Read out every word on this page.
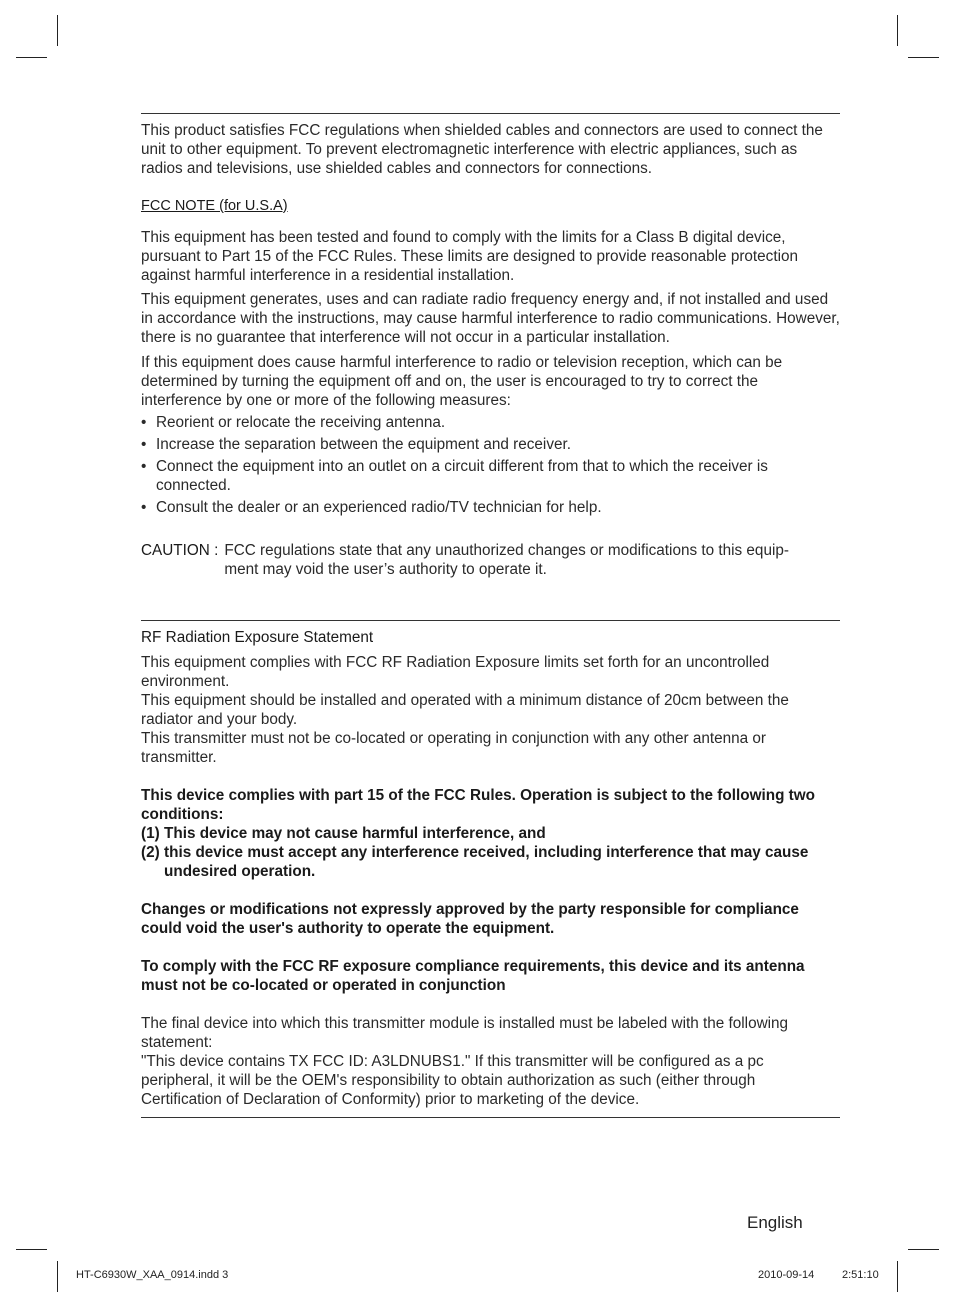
This product satisfies FCC regulations when shielded cables and connectors are used to connect the unit to other equipment. To prevent electromagnetic interference with electric appliances, such as radios and televisions, use shielded cables and connectors for connections.

FCC NOTE (for U.S.A)

This equipment has been tested and found to comply with the limits for a Class B digital device, pursuant to Part 15 of the FCC Rules. These limits are designed to provide reasonable protection against harmful interference in a residential installation.

This equipment generates, uses and can radiate radio frequency energy and, if not installed and used in accordance with the instructions, may cause harmful interference to radio communications. However, there is no guarantee that interference will not occur in a particular installation.

If this equipment does cause harmful interference to radio or television reception, which can be determined by turning the equipment off and on, the user is encouraged to try to correct the interference by one or more of the following measures:

• Reorient or relocate the receiving antenna.
• Increase the separation between the equipment and receiver.
• Connect the equipment into an outlet on a circuit different from that to which the receiver is connected.
• Consult the dealer or an experienced radio/TV technician for help.
CAUTION : FCC regulations state that any unauthorized changes or modifications to this equip-ment may void the user’s authority to operate it.
RF Radiation Exposure Statement

This equipment complies with FCC RF Radiation Exposure limits set forth for an uncontrolled environment.

This equipment should be installed and operated with a minimum distance of 20cm between the radiator and your body.

This transmitter must not be co-located or operating in conjunction with any other antenna or transmitter.

This device complies with part 15 of the FCC Rules. Operation is subject to the following two conditions:

(1) This device may not cause harmful interference, and
(2) this device must accept any interference received, including interference that may cause undesired operation.

Changes or modifications not expressly approved by the party responsible for compliance could void the user's authority to operate the equipment.

To comply with the FCC RF exposure compliance requirements, this device and its antenna must not be co-located or operated in conjunction

The final device into which this transmitter module is installed must be labeled with the following statement:

"This device contains TX FCC ID: A3LDNUBS1." If this transmitter will be configured as a pc peripheral, it will be the OEM's responsibility to obtain authorization as such (either through Certification of Declaration of Conformity) prior to marketing of the device.

English
HT-C6930W_XAA_0914.indd 3	2010-09-14	2:51:10
